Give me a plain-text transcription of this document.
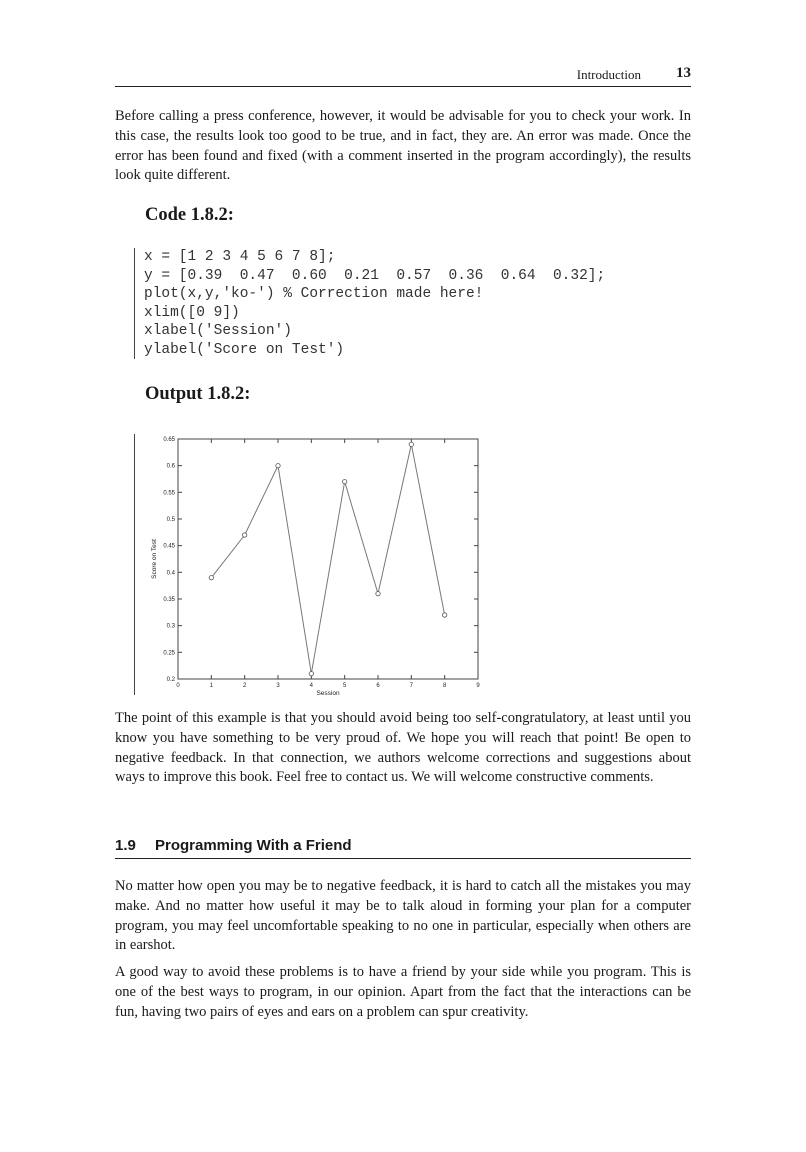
Introduction 13

Before calling a press conference, however, it would be advisable for you to check your work. In this case, the results look too good to be true, and in fact, they are. An error was made. Once the error has been found and fixed (with a comment inserted in the program accordingly), the results look quite different.

Code 1.8.2:
x = [1 2 3 4 5 6 7 8];
y = [0.39  0.47  0.60  0.21  0.57  0.36  0.64  0.32];
plot(x,y,'ko-') % Correction made here!
xlim([0 9])
xlabel('Session')
ylabel('Score on Test')
Output 1.8.2:
0.2
0.25
0.3
0.35
0.4
0.45
0.5
0.55
0.6
0.65
0	1	2	3	4	5	6	7	8	9
Session
Score on Test

The point of this example is that you should avoid being too self-congratulatory, at least until you know you have something to be very proud of. We hope you will reach that point! Be open to negative feedback. In that connection, we authors welcome corrections and suggestions about ways to improve this book. Feel free to contact us. We will welcome constructive comments.

1.9 Programming With a Friend

No matter how open you may be to negative feedback, it is hard to catch all the mistakes you may make. And no matter how useful it may be to talk aloud in forming your plan for a computer program, you may feel uncomfortable speaking to no one in particular, especially when others are in earshot.

A good way to avoid these problems is to have a friend by your side while you program. This is one of the best ways to program, in our opinion. Apart from the fact that the interactions can be fun, having two pairs of eyes and ears on a problem can spur creativity.
